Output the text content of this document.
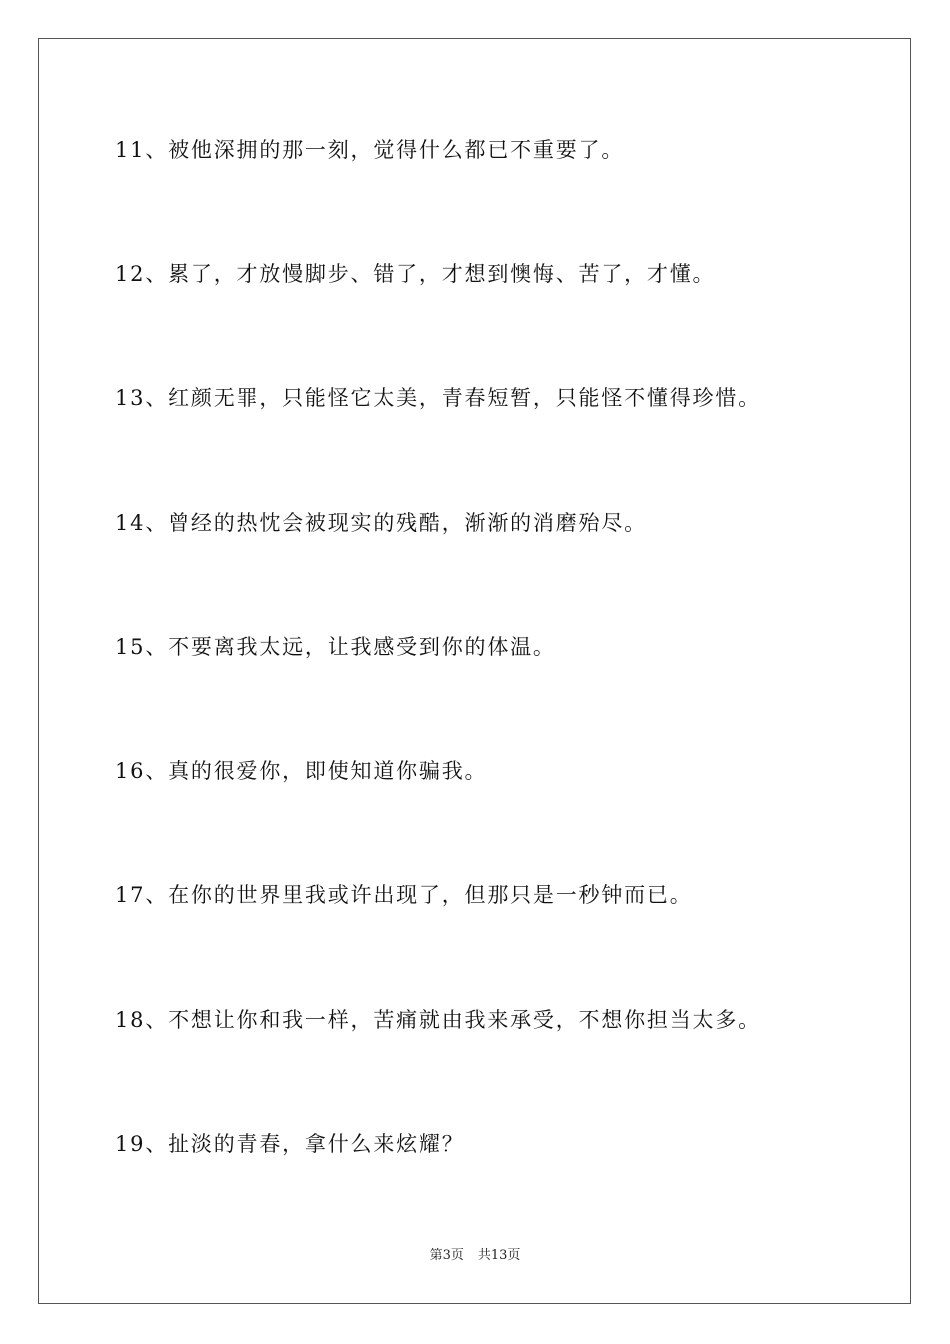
11、被他深拥的那一刻，觉得什么都已不重要了。
12、累了，才放慢脚步、错了，才想到懊悔、苦了，才懂。
13、红颜无罪，只能怪它太美，青春短暂，只能怪不懂得珍惜。
14、曾经的热忱会被现实的残酷，渐渐的消磨殆尽。
15、不要离我太远，让我感受到你的体温。
16、真的很爱你，即使知道你骗我。
17、在你的世界里我或许出现了，但那只是一秒钟而已。
18、不想让你和我一样，苦痛就由我来承受，不想你担当太多。
19、扯淡的青春，拿什么来炫耀？
第3页 共13页
